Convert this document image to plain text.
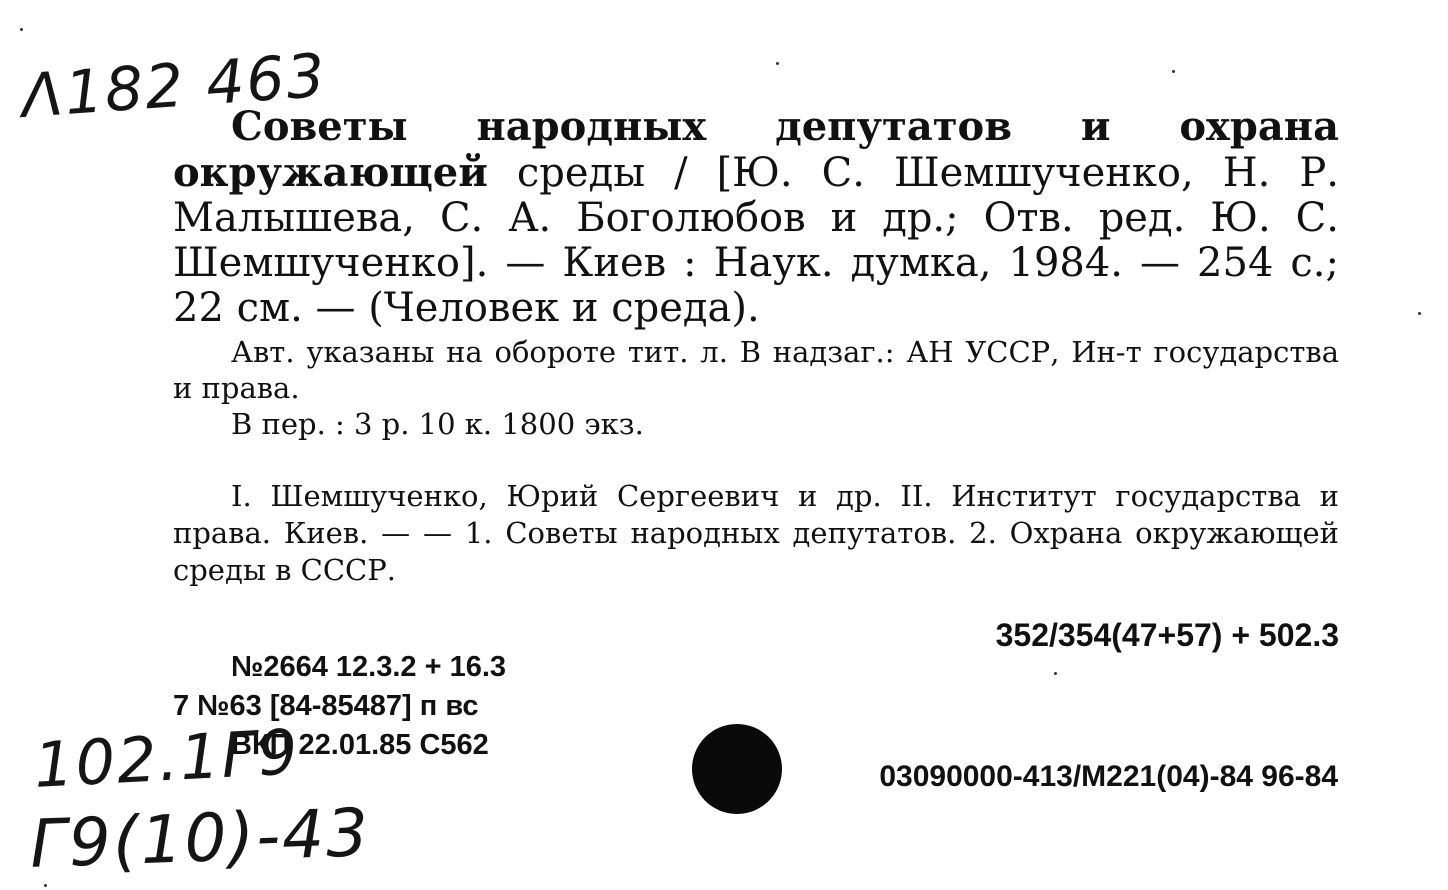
Λ182 463
Советы народных депутатов и охрана окружающей среды / [Ю. С. Шемшученко, Н. Р. Малышева, С. А. Боголюбов и др.; Отв. ред. Ю. С. Шемшученко]. — Киев : Наук. думка, 1984. — 254 с.; 22 см. — (Человек и среда).
Авт. указаны на обороте тит. л. В надзаг.: АН УССР, Ин-т государства и права.
В пер. : 3 р. 10 к. 1800 экз.
I. Шемшученко, Юрий Сергеевич и др. II. Институт государства и права. Киев. — — 1. Советы народных депутатов. 2. Охрана окружающей среды в СССР.
352/354(47+57) + 502.3
№2664 12.3.2 + 16.3
7 №63 [84-85487] п вс
ВКП 22.01.85 С562
03090000-413/М221(04)-84 96-84
102.1Г9
Г9(10)-43
